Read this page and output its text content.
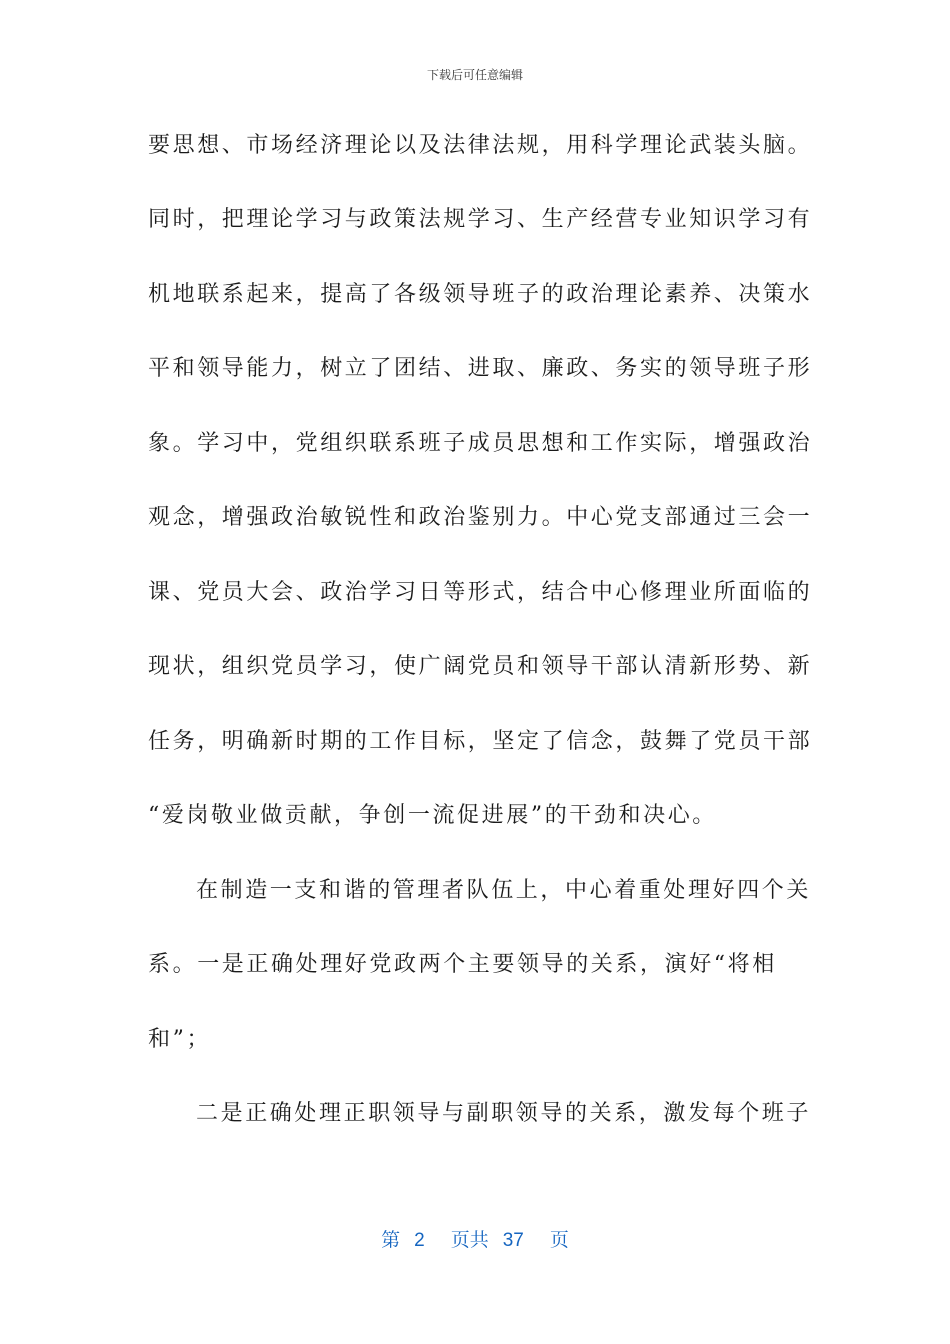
下载后可任意编辑
要思想、市场经济理论以及法律法规，用科学理论武装头脑。
同时，把理论学习与政策法规学习、生产经营专业知识学习有
机地联系起来，提高了各级领导班子的政治理论素养、决策水
平和领导能力，树立了团结、进取、廉政、务实的领导班子形
象。学习中，党组织联系班子成员思想和工作实际，增强政治
观念，增强政治敏锐性和政治鉴别力。中心党支部通过三会一
课、党员大会、政治学习日等形式，结合中心修理业所面临的
现状，组织党员学习，使广阔党员和领导干部认清新形势、新
任务，明确新时期的工作目标，坚定了信念，鼓舞了党员干部
“爱岗敬业做贡献，争创一流促进展”的干劲和决心。
在制造一支和谐的管理者队伍上，中心着重处理好四个关
系。一是正确处理好党政两个主要领导的关系，演好“将相
和”；
二是正确处理正职领导与副职领导的关系，激发每个班子
第 2 页共 37 页
